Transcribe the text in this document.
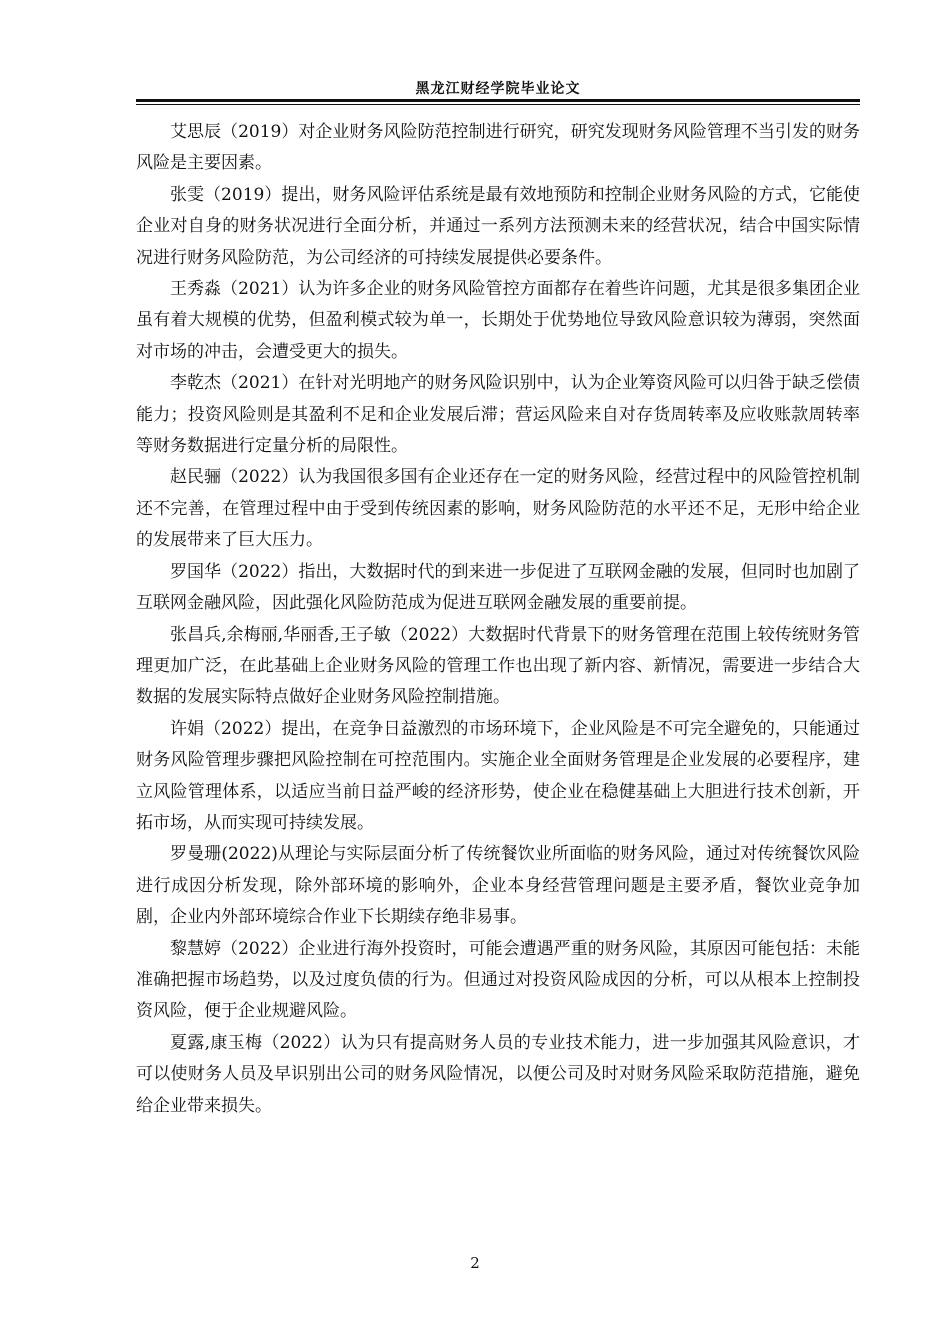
黑龙江财经学院毕业论文

艾思辰（2019）对企业财务风险防范控制进行研究，研究发现财务风险管理不当引发的财务风险是主要因素。

张雯（2019）提出，财务风险评估系统是最有效地预防和控制企业财务风险的方式，它能使企业对自身的财务状况进行全面分析，并通过一系列方法预测未来的经营状况，结合中国实际情况进行财务风险防范，为公司经济的可持续发展提供必要条件。

王秀淼（2021）认为许多企业的财务风险管控方面都存在着些许问题，尤其是很多集团企业虽有着大规模的优势，但盈利模式较为单一，长期处于优势地位导致风险意识较为薄弱，突然面对市场的冲击，会遭受更大的损失。

李乾杰（2021）在针对光明地产的财务风险识别中，认为企业筹资风险可以归咎于缺乏偿债能力；投资风险则是其盈利不足和企业发展后滞；营运风险来自对存货周转率及应收账款周转率等财务数据进行定量分析的局限性。

赵民骊（2022）认为我国很多国有企业还存在一定的财务风险，经营过程中的风险管控机制还不完善，在管理过程中由于受到传统因素的影响，财务风险防范的水平还不足，无形中给企业的发展带来了巨大压力。

罗国华（2022）指出，大数据时代的到来进一步促进了互联网金融的发展，但同时也加剧了互联网金融风险，因此强化风险防范成为促进互联网金融发展的重要前提。

张昌兵,余梅丽,华丽香,王子敏（2022）大数据时代背景下的财务管理在范围上较传统财务管理更加广泛，在此基础上企业财务风险的管理工作也出现了新内容、新情况，需要进一步结合大数据的发展实际特点做好企业财务风险控制措施。

许娟（2022）提出，在竞争日益激烈的市场环境下，企业风险是不可完全避免的，只能通过财务风险管理步骤把风险控制在可控范围内。实施企业全面财务管理是企业发展的必要程序，建立风险管理体系，以适应当前日益严峻的经济形势，使企业在稳健基础上大胆进行技术创新，开拓市场，从而实现可持续发展。

罗曼珊(2022)从理论与实际层面分析了传统餐饮业所面临的财务风险，通过对传统餐饮风险进行成因分析发现，除外部环境的影响外，企业本身经营管理问题是主要矛盾，餐饮业竞争加剧，企业内外部环境综合作业下长期续存绝非易事。

黎慧婷（2022）企业进行海外投资时，可能会遭遇严重的财务风险，其原因可能包括：未能准确把握市场趋势，以及过度负债的行为。但通过对投资风险成因的分析，可以从根本上控制投资风险，便于企业规避风险。

夏露,康玉梅（2022）认为只有提高财务人员的专业技术能力，进一步加强其风险意识，才可以使财务人员及早识别出公司的财务风险情况，以便公司及时对财务风险采取防范措施，避免给企业带来损失。

2
